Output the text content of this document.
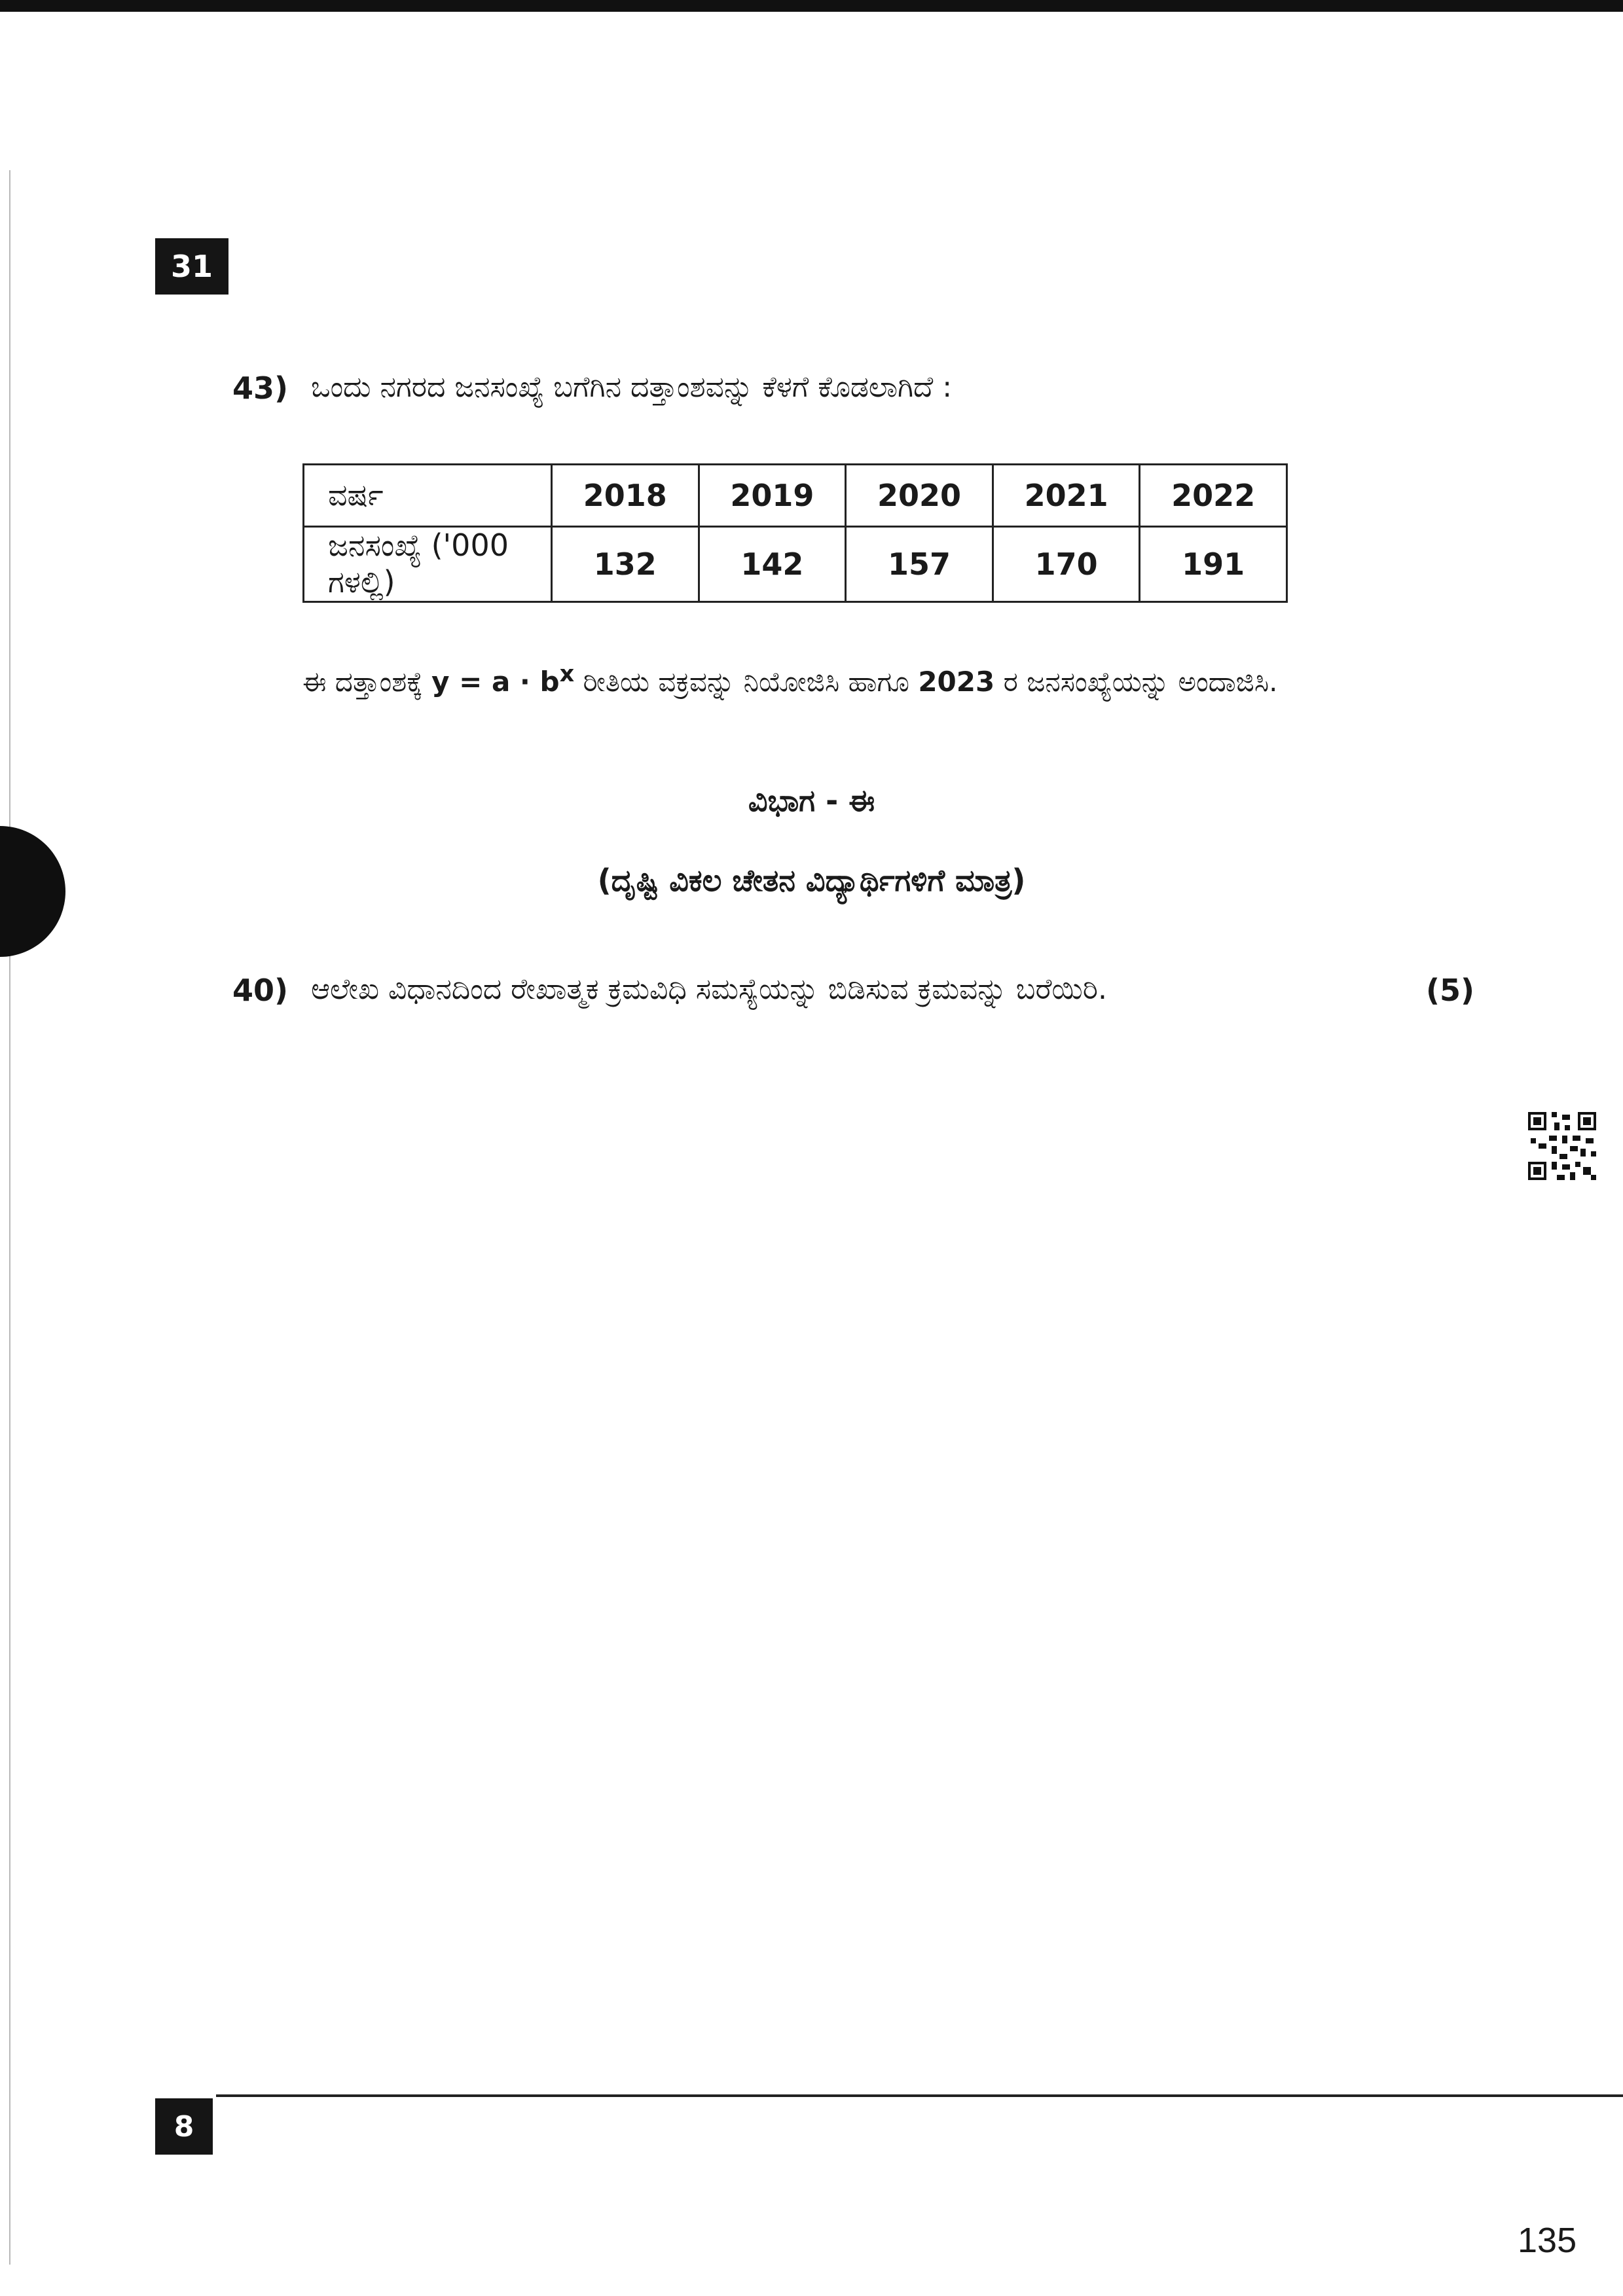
31
43) ಒಂದು ನಗರದ ಜನಸಂಖ್ಯೆ ಬಗೆಗಿನ ದತ್ತಾಂಶವನ್ನು ಕೆಳಗೆ ಕೊಡಲಾಗಿದೆ :
ವರ್ಷ	2018	2019	2020	2021	2022
ಜನಸಂಖ್ಯೆ ('000 ಗಳಲ್ಲಿ)	132	142	157	170	191
ಈ ದತ್ತಾಂಶಕ್ಕೆ $y = a \cdot b^x$ ರೀತಿಯ ವಕ್ರವನ್ನು ನಿಯೋಜಿಸಿ ಹಾಗೂ 2023 ರ ಜನಸಂಖ್ಯೆಯನ್ನು ಅಂದಾಜಿಸಿ.
ವಿಭಾಗ - ಈ
(ದೃಷ್ಟಿ ವಿಕಲ ಚೇತನ ವಿದ್ಯಾರ್ಥಿಗಳಿಗೆ ಮಾತ್ರ)
40) ಆಲೇಖ ವಿಧಾನದಿಂದ ರೇಖಾತ್ಮಕ ಕ್ರಮವಿಧಿ ಸಮಸ್ಯೆಯನ್ನು ಬಿಡಿಸುವ ಕ್ರಮವನ್ನು ಬರೆಯಿರಿ.	(5)
8
135
